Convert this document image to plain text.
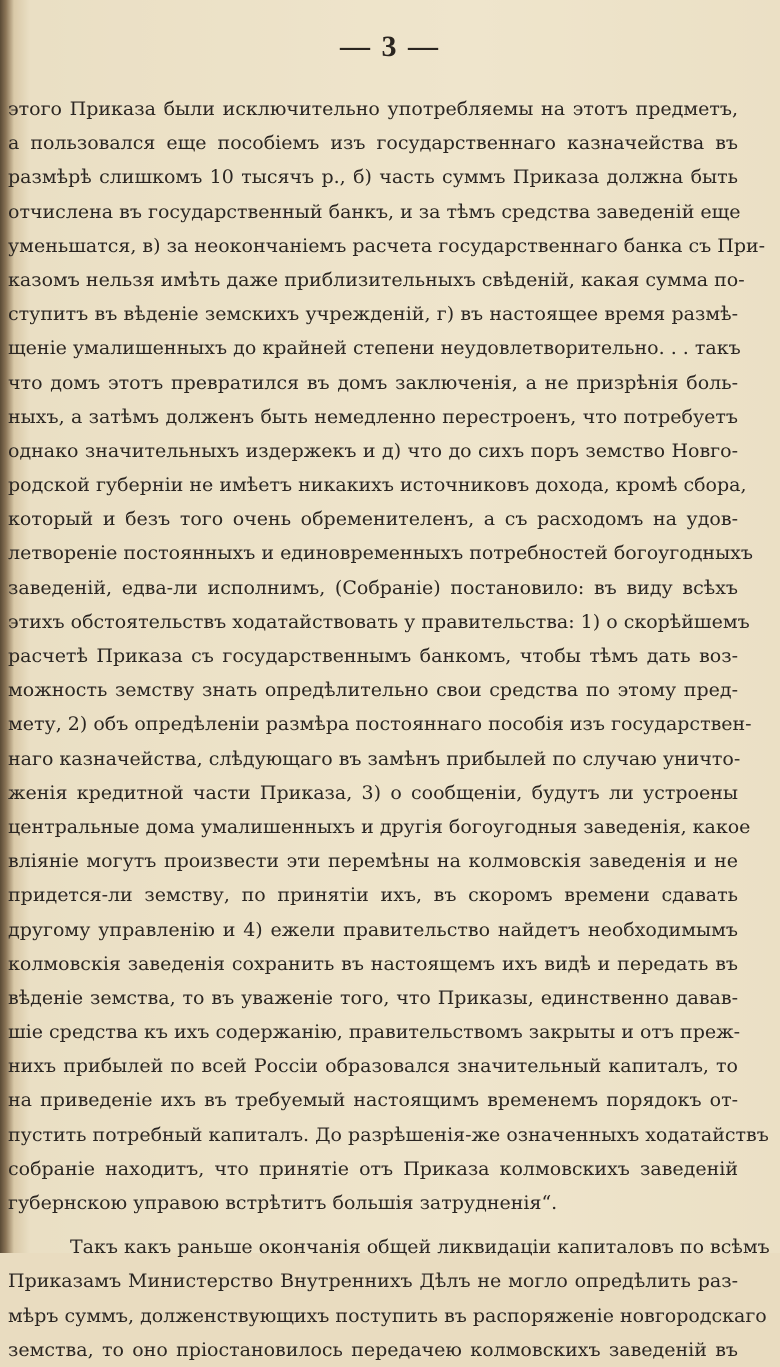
— 3 —
этого Приказа были исключительно употребляемы на этотъ предметъ,
а пользовался еще пособіемъ изъ государственнаго казначейства въ
размѣрѣ слишкомъ 10 тысячъ р., б) часть суммъ Приказа должна быть
отчислена въ государственный банкъ, и за тѣмъ средства заведеній еще
уменьшатся, в) за неокончаніемъ расчета государственнаго банка съ При-
казомъ нельзя имѣть даже приблизительныхъ свѣденій, какая сумма по-
ступитъ въ вѣденіе земскихъ учрежденій, г) въ настоящее время размѣ-
щеніе умалишенныхъ до крайней степени неудовлетворительно. . . такъ
что домъ этотъ превратился въ домъ заключенія, а не призрѣнія боль-
ныхъ, а затѣмъ долженъ быть немедленно перестроенъ, что потребуетъ
однако значительныхъ издержекъ и д) что до сихъ поръ земство Новго-
родской губерніи не имѣетъ никакихъ источниковъ дохода, кромѣ сбора,
который и безъ того очень обременителенъ, а съ расходомъ на удов-
летвореніе постоянныхъ и единовременныхъ потребностей богоугодныхъ
заведеній, едва-ли исполнимъ, (Собраніе) постановило: въ виду всѣхъ
этихъ обстоятельствъ ходатайствовать у правительства: 1) о скорѣйшемъ
расчетѣ Приказа съ государственнымъ банкомъ, чтобы тѣмъ дать воз-
можность земству знать опредѣлительно свои средства по этому пред-
мету, 2) объ опредѣленіи размѣра постояннаго пособія изъ государствен-
наго казначейства, слѣдующаго въ замѣнъ прибылей по случаю уничто-
женія кредитной части Приказа, 3) о сообщеніи, будутъ ли устроены
центральные дома умалишенныхъ и другія богоугодныя заведенія, какое
вліяніе могутъ произвести эти перемѣны на колмовскія заведенія и не
придется-ли земству, по принятіи ихъ, въ скоромъ времени сдавать
другому управленію и 4) ежели правительство найдетъ необходимымъ
колмовскія заведенія сохранить въ настоящемъ ихъ видѣ и передать въ
вѣденіе земства, то въ уваженіе того, что Приказы, единственно давав-
шіе средства къ ихъ содержанію, правительствомъ закрыты и отъ преж-
нихъ прибылей по всей Россіи образовался значительный капиталъ, то
на приведеніе ихъ въ требуемый настоящимъ временемъ порядокъ от-
пустить потребный капиталъ. До разрѣшенія-же означенныхъ ходатайствъ
собраніе находитъ, что принятіе отъ Приказа колмовскихъ заведеній
губернскою управою встрѣтитъ большія затрудненія“.
Такъ какъ раньше окончанія общей ликвидаціи капиталовъ по всѣмъ
Приказамъ Министерство Внутреннихъ Дѣлъ не могло опредѣлить раз-
мѣръ суммъ, долженствующихъ поступить въ распоряженіе новгородскаго
земства, то оно пріостановилось передачею колмовскихъ заведеній въ
